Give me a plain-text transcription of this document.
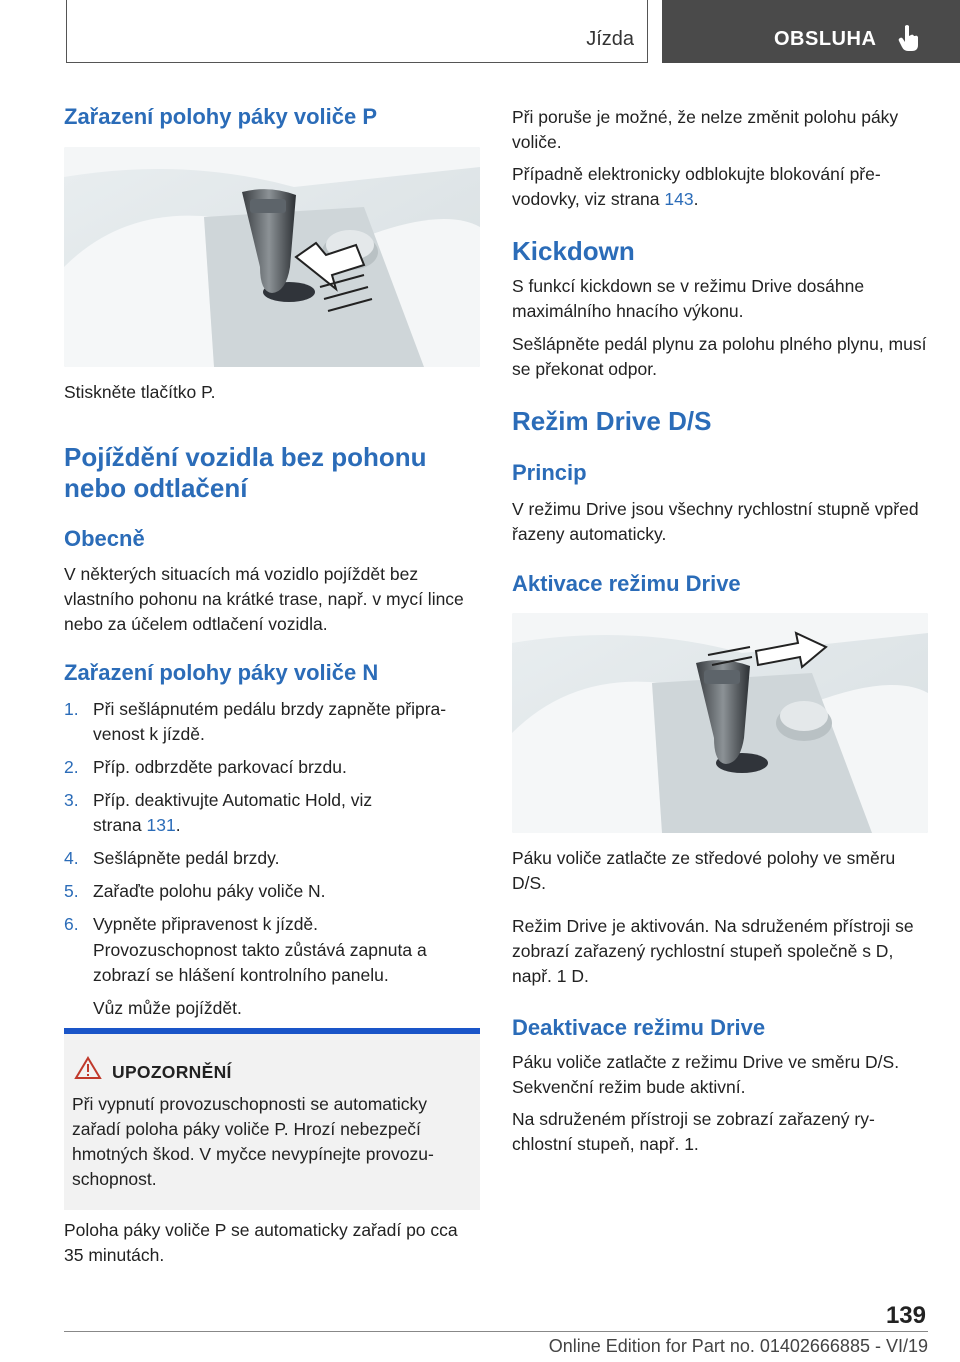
Jízda	OBSLUHA
Zařazení polohy páky voliče P

Stiskněte tlačítko P.

Pojíždění vozidla bez pohonu
nebo odtlačení
Obecně

V některých situacích má vozidlo pojíždět bez vlastního pohonu na krátké trase, např. v mycí lince nebo za účelem odtlačení vozidla.

Zařazení polohy páky voliče N
1. Při sešlápnutém pedálu brzdy zapněte připra-venost k jízdě.
2. Příp. odbrzděte parkovací brzdu.
3. Příp. deaktivujte Automatic Hold, viz
strana 131.
4. Sešlápněte pedál brzdy.
5. Zařaďte polohu páky voliče N.
6. Vypněte připravenost k jízdě.

Provozuschopnost takto zůstává zapnuta a zobrazí se hlášení kontrolního panelu.

Vůz může pojíždět.

UPOZORNĚNÍ
Při vypnutí provozuschopnosti se automaticky zařadí poloha páky voliče P. Hrozí nebezpečí hmotných škod. V myčce nevypínejte provozu-schopnost.

Poloha páky voliče P se automaticky zařadí po cca 35 minutách.

Při poruše je možné, že nelze změnit polohu páky voliče.

Případně elektronicky odblokujte blokování pře-vodovky, viz strana 143.

Kickdown

S funkcí kickdown se v režimu Drive dosáhne maximálního hnacího výkonu.

Sešlápněte pedál plynu za polohu plného plynu, musí se překonat odpor.

Režim Drive D/S
Princip

V režimu Drive jsou všechny rychlostní stupně vpřed řazeny automaticky.

Aktivace režimu Drive

Páku voliče zatlačte ze středové polohy ve směru D/S.

Režim Drive je aktivován. Na sdruženém přístroji se zobrazí zařazený rychlostní stupeň společně s D, např. 1 D.

Deaktivace režimu Drive

Páku voliče zatlačte z režimu Drive ve směru D/S. Sekvenční režim bude aktivní.

Na sdruženém přístroji se zobrazí zařazený ry-chlostní stupeň, např. 1.

139
Online Edition for Part no. 01402666885 - VI/19
